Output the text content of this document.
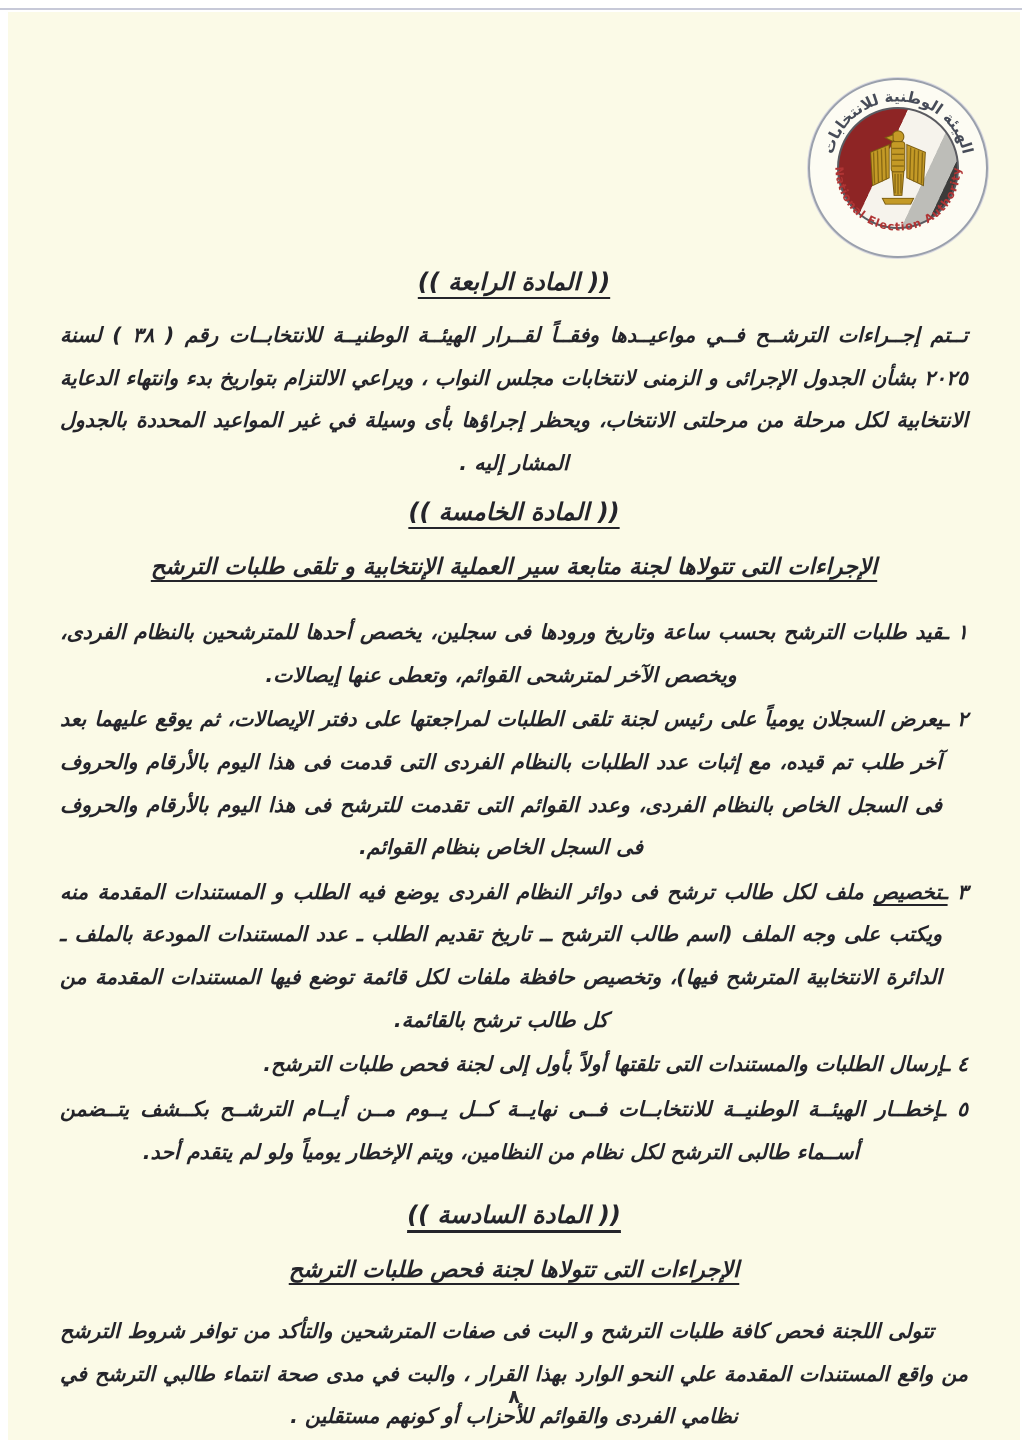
الهيئة الوطنية للانتخابات
National Election Authority
(( المادة الرابعة ))

تــتم إجــراءات الترشــح فــي مواعيــدها وفقــاً لقــرار الهيئــة الوطنيــة للانتخابــات رقم ( ٣٨ ) لسنة ٢٠٢٥ بشأن الجدول الإجرائى و الزمنى لانتخابات مجلس النواب ، ويراعي الالتزام بتواريخ بدء وانتهاء الدعاية الانتخابية لكل مرحلة من مرحلتى الانتخاب، ويحظر إجراؤها بأى وسيلة في غير المواعيد المحددة بالجدول المشار إليه .

(( المادة الخامسة ))
الإجراءات التى تتولاها لجنة متابعة سير العملية الإنتخابية و تلقى طلبات الترشح
١ ـقيد طلبات الترشح بحسب ساعة وتاريخ ورودها فى سجلين، يخصص أحدها للمترشحين بالنظام الفردى، ويخصص الآخر لمترشحى القوائم، وتعطى عنها إيصالات.
٢ ـيعرض السجلان يومياً على رئيس لجنة تلقى الطلبات لمراجعتها على دفتر الإيصالات، ثم يوقع عليهما بعد آخر طلب تم قيده، مع إثبات عدد الطلبات بالنظام الفردى التى قدمت فى هذا اليوم بالأرقام والحروف فى السجل الخاص بالنظام الفردى، وعدد القوائم التى تقدمت للترشح فى هذا اليوم بالأرقام والحروف فى السجل الخاص بنظام القوائم.
٣ ـتخصيص ملف لكل طالب ترشح فى دوائر النظام الفردى يوضع فيه الطلب و المستندات المقدمة منه ويكتب على وجه الملف (اسم طالب الترشح ــ تاريخ تقديم الطلب ـ عدد المستندات المودعة بالملف ـ الدائرة الانتخابية المترشح فيها)، وتخصيص حافظة ملفات لكل قائمة توضع فيها المستندات المقدمة من كل طالب ترشح بالقائمة.
٤ ـإرسال الطلبات والمستندات التى تلقتها أولاً بأول إلى لجنة فحص طلبات الترشح.
٥ ـإخطــار الهيئــة الوطنيــة للانتخابــات فــى نهايــة كــل يــوم مــن أيــام الترشــح بكــشف يتــضمن أســماء طالبى الترشح لكل نظام من النظامين، ويتم الإخطار يومياً ولو لم يتقدم أحد.
(( المادة السادسة ))
الإجراءات التى تتولاها لجنة فحص طلبات الترشح

تتولى اللجنة فحص كافة طلبات الترشح و البت فى صفات المترشحين والتأكد من توافر شروط الترشح من واقع المستندات المقدمة علي النحو الوارد بهذا القرار ، والبت في مدى صحة انتماء طالبي الترشح في نظامي الفردى والقوائم للأحزاب أو كونهم مستقلين .

٨
